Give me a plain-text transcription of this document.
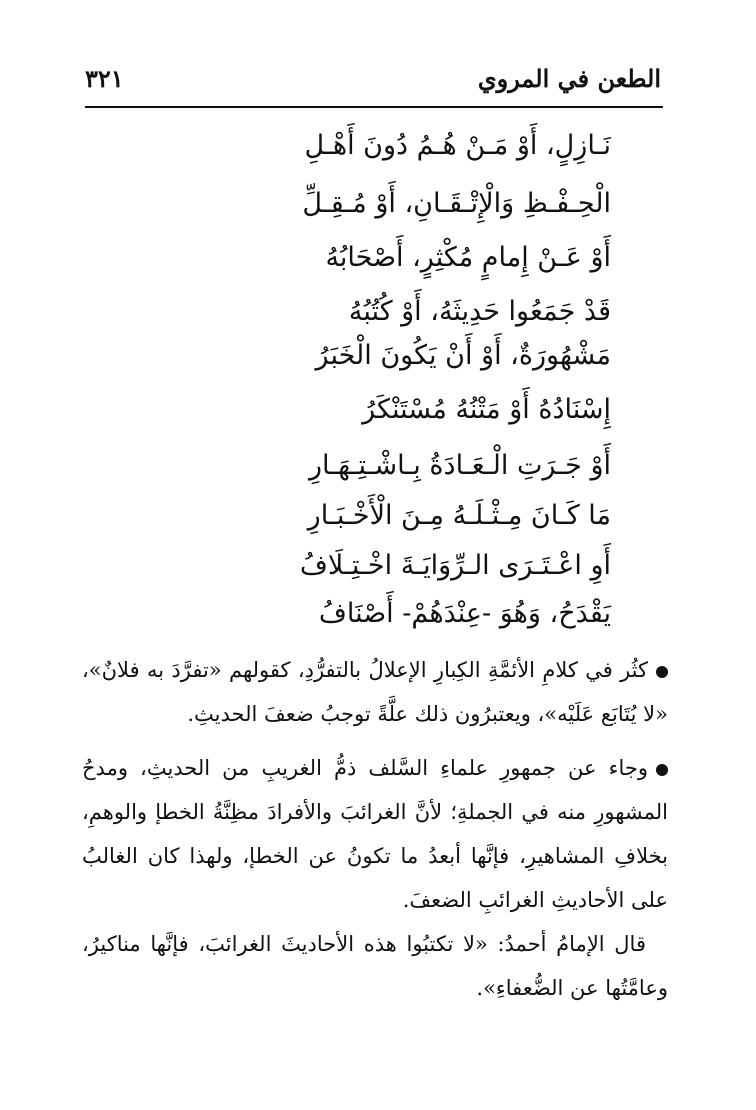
الطعن في المروي
٣٢١
نَـازِلٍ، أَوْ مَـنْ هُـمُ دُونَ أَهْـلِ
الْحِـفْـظِ وَالْإِتْـقَـانِ، أَوْ مُـقِـلِّ
أَوْ عَـنْ إِمامٍ مُكْثِرٍ، أَصْحَابُهُ
قَدْ جَمَعُوا حَدِيثَهُ، أَوْ كُتُبُهُ
مَشْهُورَةٌ، أَوْ أَنْ يَكُونَ الْخَبَرُ
إِسْنَادُهُ أَوْ مَتْنُهُ مُسْتَنْكَرُ
أَوْ جَـرَتِ الْـعَـادَةُ بِـاشْـتِـهَـارِ
مَا كَـانَ مِـثْـلَـهُ مِـنَ الْأَخْـبَـارِ
أَوِ اعْـتَـرَى الـرِّوَايَـةَ اخْـتِـلَافُ
يَقْدَحُ، وَهُوَ -عِنْدَهُمْ- أَصْنَافُ
كثُر في كلامِ الأئمَّةِ الكِبارِ الإعلالُ بالتفرُّدِ، كقولهم «تفرَّدَ به فلانٌ»، «لا يُتَابَع عَلَيْه»، ويعتبرُون ذلك علَّةً توجبُ ضعفَ الحديثِ.
وجاء عن جمهورِ علماءِ السَّلف ذمُّ الغريبِ من الحديثِ، ومدحُ المشهورِ منه في الجملةِ؛ لأنَّ الغرائبَ والأفرادَ مظِنَّةُ الخطإ والوهمِ، بخلافِ المشاهيرِ، فإنَّها أبعدُ ما تكونُ عن الخطإ، ولهذا كان الغالبُ على الأحاديثِ الغرائبِ الضعفَ.
قال الإمامُ أحمدُ: «لا تكتبُوا هذه الأحاديثَ الغرائبَ، فإنَّها مناكيرُ، وعامَّتُها عن الضُّعفاءِ».
